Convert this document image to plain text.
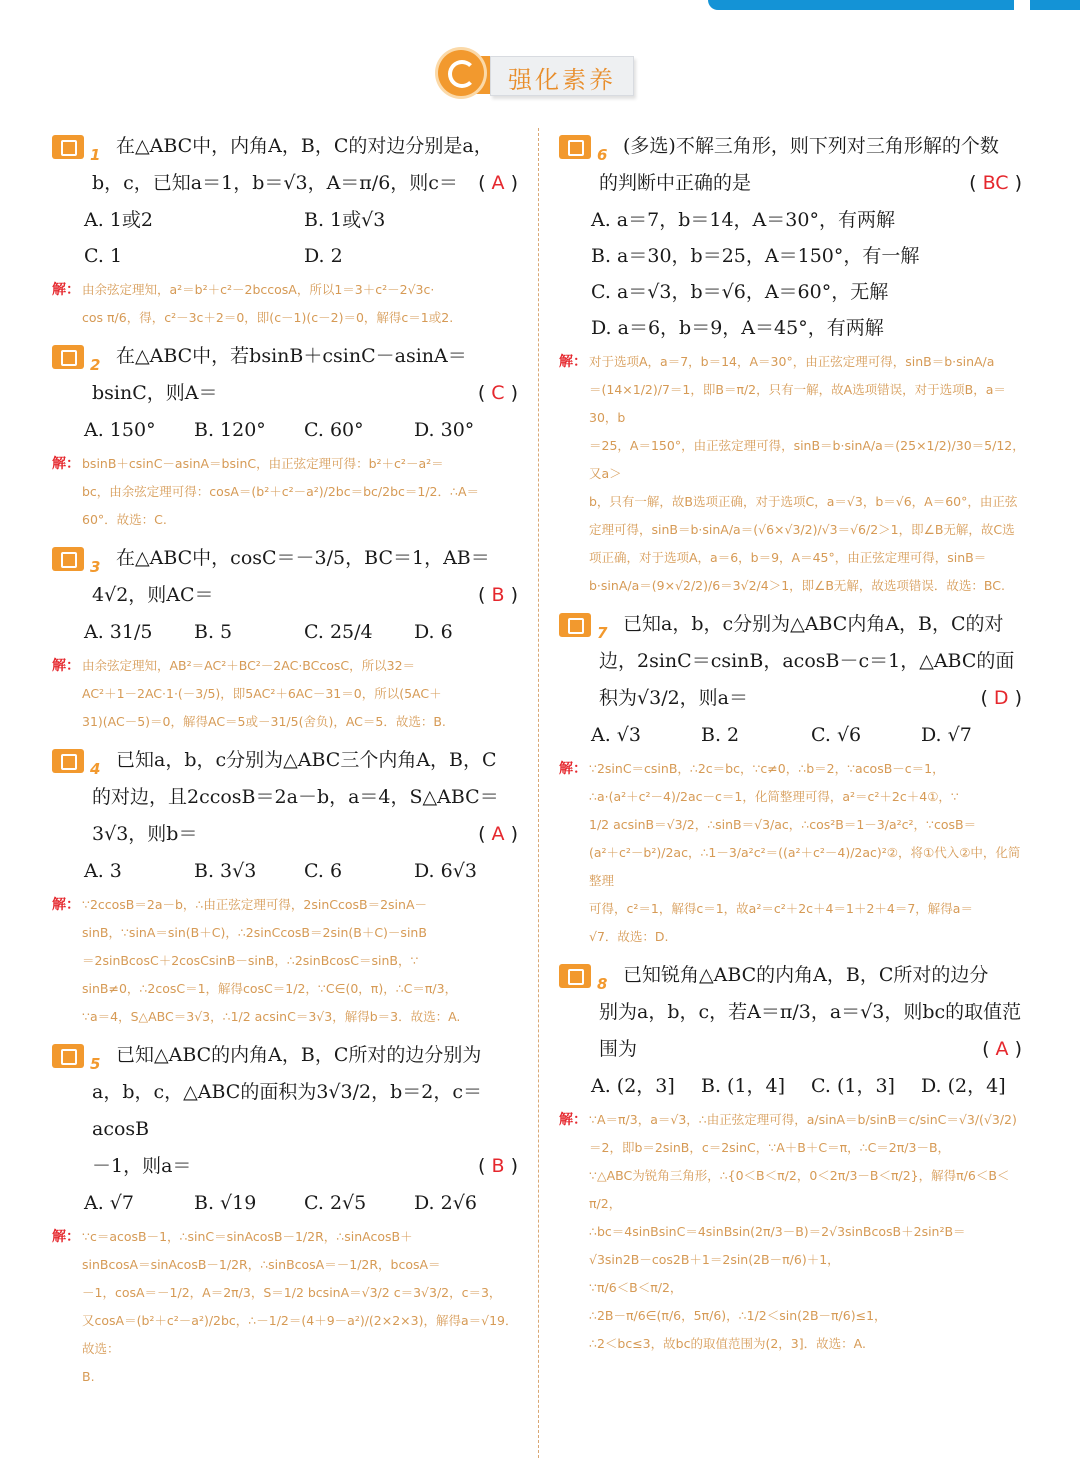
强化素养
1 在△ABC中，内角A，B，C的对边分别是a，
b，c，已知a＝1，b＝√3，A＝π/6，则c＝ ( A )
A. 1或2	B. 1或√3
C. 1	D. 2
解： 由余弦定理知，a²＝b²＋c²－2bccosA，所以1＝3＋c²－2√3c·

cos π/6，得，c²－3c＋2＝0，即(c－1)(c－2)＝0，解得c＝1或2.

2 在△ABC中，若bsinB＋csinC－asinA＝
bsinC，则A＝	( C )
A. 150°	B. 120°	C. 60°	D. 30°
解： bsinB＋csinC－asinA＝bsinC，由正弦定理可得：b²＋c²－a²＝

bc，由余弦定理可得：cosA＝(b²＋c²－a²)/2bc＝bc/2bc＝1/2．∴A＝

60°．故选：C.

3 在△ABC中，cosC＝－3/5，BC＝1，AB＝
4√2，则AC＝	( B )
A. 31/5	B. 5	C. 25/4	D. 6
解： 由余弦定理知，AB²＝AC²＋BC²－2AC·BCcosC，所以32＝

AC²＋1－2AC·1·(－3/5)，即5AC²＋6AC－31＝0，所以(5AC＋

31)(AC－5)＝0，解得AC＝5或－31/5(舍负)，AC＝5．故选：B.

4 已知a，b，c分别为△ABC三个内角A，B，C
的对边，且2ccosB＝2a－b，a＝4，S△ABC＝
3√3，则b＝	( A )
A. 3	B. 3√3	C. 6	D. 6√3
解： ∵2ccosB＝2a－b，∴由正弦定理可得，2sinCcosB＝2sinA－

sinB，∵sinA＝sin(B＋C)，∴2sinCcosB＝2sin(B＋C)－sinB

＝2sinBcosC＋2cosCsinB－sinB，∴2sinBcosC＝sinB，∵

sinB≠0，∴2cosC＝1，解得cosC＝1/2，∵C∈(0，π)，∴C＝π/3，

∵a＝4，S△ABC＝3√3，∴1/2 acsinC＝3√3，解得b＝3．故选：A.

5 已知△ABC的内角A，B，C所对的边分别为
a，b，c，△ABC的面积为3√3/2，b＝2，c＝acosB
－1，则a＝	( B )
A. √7	B. √19	C. 2√5	D. 2√6
解： ∵c＝acosB－1，∴sinC＝sinAcosB－1/2R，∴sinAcosB＋

sinBcosA＝sinAcosB－1/2R，∴sinBcosA＝－1/2R，bcosA＝

－1，cosA＝－1/2，A＝2π/3，S＝1/2 bcsinA＝√3/2 c＝3√3/2，c＝3，

又cosA＝(b²＋c²－a²)/2bc，∴－1/2＝(4＋9－a²)/(2×2×3)，解得a＝√19．故选：

B.

6 (多选)不解三角形，则下列对三角形解的个数
的判断中正确的是	( BC )
A. a＝7，b＝14，A＝30°，有两解
B. a＝30，b＝25，A＝150°，有一解
C. a＝√3，b＝√6，A＝60°，无解
D. a＝6，b＝9，A＝45°，有两解
解： 对于选项A，a＝7，b＝14，A＝30°，由正弦定理可得，sinB＝b·sinA/a

＝(14×1/2)/7＝1，即B＝π/2，只有一解，故A选项错误，对于选项B，a＝30，b

＝25，A＝150°，由正弦定理可得，sinB＝b·sinA/a＝(25×1/2)/30＝5/12，又a＞

b，只有一解，故B选项正确，对于选项C，a＝√3，b＝√6，A＝60°，由正弦

定理可得，sinB＝b·sinA/a＝(√6×√3/2)/√3＝√6/2＞1，即∠B无解，故C选

项正确，对于选项A，a＝6，b＝9，A＝45°，由正弦定理可得，sinB＝

b·sinA/a＝(9×√2/2)/6＝3√2/4＞1，即∠B无解，故选项错误．故选：BC.

7 已知a，b，c分别为△ABC内角A，B，C的对
边，2sinC＝csinB，acosB－c＝1，△ABC的面
积为√3/2，则a＝	( D )
A. √3	B. 2	C. √6	D. √7
解： ∵2sinC＝csinB，∴2c＝bc，∵c≠0，∴b＝2，∵acosB－c＝1，

∴a·(a²＋c²－4)/2ac－c＝1，化简整理可得，a²＝c²＋2c＋4①，∵

1/2 acsinB＝√3/2，∴sinB＝√3/ac，∴cos²B＝1－3/a²c²，∵cosB＝

(a²＋c²－b²)/2ac，∴1－3/a²c²＝((a²＋c²－4)/2ac)²②，将①代入②中，化简整理

可得，c²＝1，解得c＝1，故a²＝c²＋2c＋4＝1＋2＋4＝7，解得a＝

√7．故选：D.

8 已知锐角△ABC的内角A，B，C所对的边分
别为a，b，c，若A＝π/3，a＝√3，则bc的取值范
围为	( A )
A. (2，3]	B. (1，4]	C. (1，3]	D. (2，4]
解： ∵A＝π/3，a＝√3，∴由正弦定理可得，a/sinA＝b/sinB＝c/sinC＝√3/(√3/2)

＝2，即b＝2sinB，c＝2sinC，∵A＋B＋C＝π，∴C＝2π/3－B，

∵△ABC为锐角三角形，∴{0＜B＜π/2，0＜2π/3－B＜π/2}，解得π/6＜B＜π/2，

∴bc＝4sinBsinC＝4sinBsin(2π/3－B)＝2√3sinBcosB＋2sin²B＝

√3sin2B－cos2B＋1＝2sin(2B－π/6)＋1，

∵π/6＜B＜π/2，

∴2B－π/6∈(π/6，5π/6)，∴1/2＜sin(2B－π/6)≤1，

∴2＜bc≤3，故bc的取值范围为(2，3]．故选：A.
